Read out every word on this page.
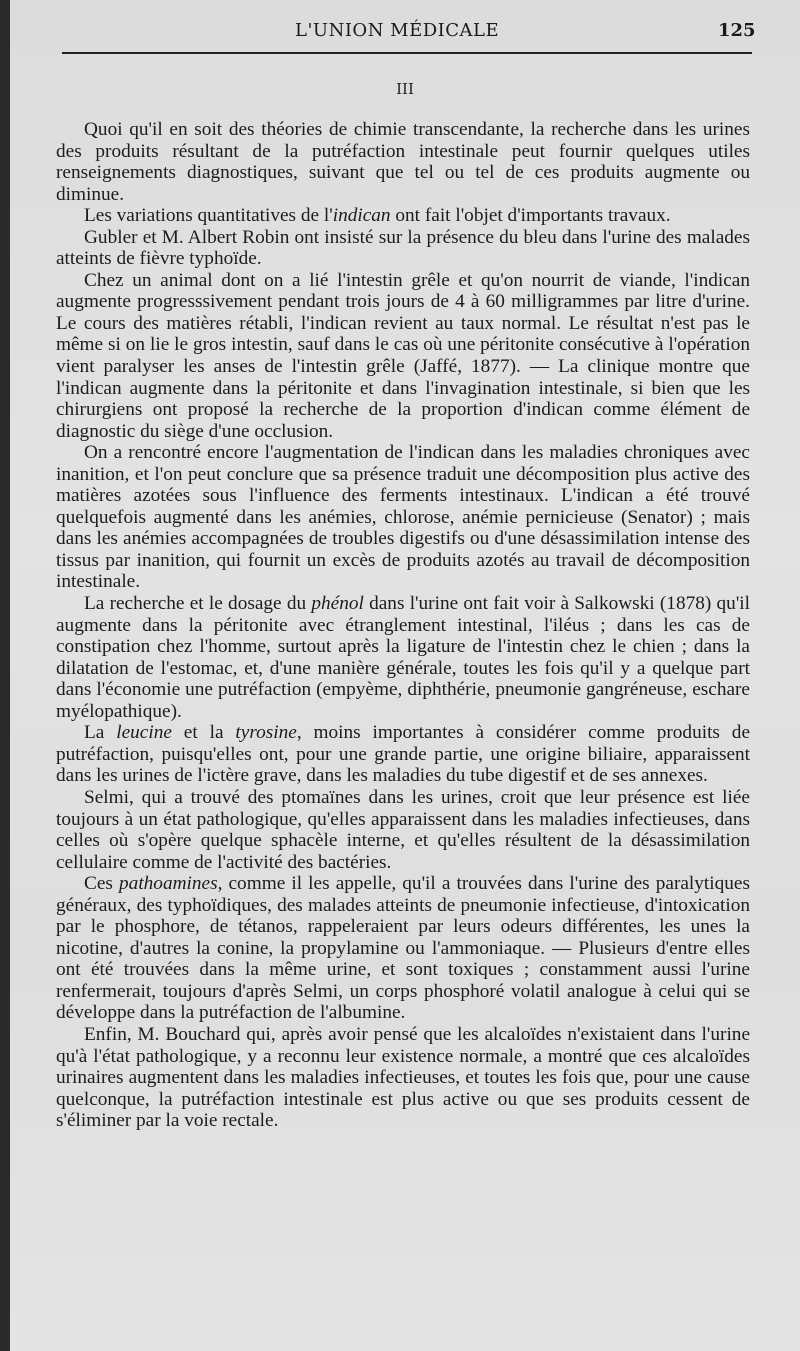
L'UNION MÉDICALE	125
III

Quoi qu'il en soit des théories de chimie transcendante, la recherche dans les urines des produits résultant de la putréfaction intestinale peut fournir quelques utiles renseignements diagnostiques, suivant que tel ou tel de ces produits augmente ou diminue.

Les variations quantitatives de l'indican ont fait l'objet d'importants travaux.

Gubler et M. Albert Robin ont insisté sur la présence du bleu dans l'urine des malades atteints de fièvre typhoïde.

Chez un animal dont on a lié l'intestin grêle et qu'on nourrit de viande, l'indican augmente progresssivement pendant trois jours de 4 à 60 milligrammes par litre d'urine. Le cours des matières rétabli, l'indican revient au taux normal. Le résultat n'est pas le même si on lie le gros intestin, sauf dans le cas où une péritonite consécutive à l'opération vient paralyser les anses de l'intestin grêle (Jaffé, 1877). — La clinique montre que l'indican augmente dans la péritonite et dans l'invagination intestinale, si bien que les chirurgiens ont proposé la recherche de la proportion d'indican comme élément de diagnostic du siège d'une occlusion.

On a rencontré encore l'augmentation de l'indican dans les maladies chroniques avec inanition, et l'on peut conclure que sa présence traduit une décomposition plus active des matières azotées sous l'influence des ferments intestinaux. L'indican a été trouvé quelquefois augmenté dans les anémies, chlorose, anémie pernicieuse (Senator) ; mais dans les anémies accompagnées de troubles digestifs ou d'une désassimilation intense des tissus par inanition, qui fournit un excès de produits azotés au travail de décomposition intestinale.

La recherche et le dosage du phénol dans l'urine ont fait voir à Salkowski (1878) qu'il augmente dans la péritonite avec étranglement intestinal, l'iléus ; dans les cas de constipation chez l'homme, surtout après la ligature de l'intestin chez le chien ; dans la dilatation de l'estomac, et, d'une manière générale, toutes les fois qu'il y a quelque part dans l'économie une putréfaction (empyème, diphthérie, pneumonie gangréneuse, eschare myélopathique).

La leucine et la tyrosine, moins importantes à considérer comme produits de putréfaction, puisqu'elles ont, pour une grande partie, une origine biliaire, apparaissent dans les urines de l'ictère grave, dans les maladies du tube digestif et de ses annexes.

Selmi, qui a trouvé des ptomaïnes dans les urines, croit que leur présence est liée toujours à un état pathologique, qu'elles apparaissent dans les maladies infectieuses, dans celles où s'opère quelque sphacèle interne, et qu'elles résultent de la désassimilation cellulaire comme de l'activité des bactéries.

Ces pathoamines, comme il les appelle, qu'il a trouvées dans l'urine des paralytiques généraux, des typhoïdiques, des malades atteints de pneumonie infectieuse, d'intoxication par le phosphore, de tétanos, rappeleraient par leurs odeurs différentes, les unes la nicotine, d'autres la conine, la propylamine ou l'ammoniaque. — Plusieurs d'entre elles ont été trouvées dans la même urine, et sont toxiques ; constamment aussi l'urine renfermerait, toujours d'après Selmi, un corps phosphoré volatil analogue à celui qui se développe dans la putréfaction de l'albumine.

Enfin, M. Bouchard qui, après avoir pensé que les alcaloïdes n'existaient dans l'urine qu'à l'état pathologique, y a reconnu leur existence normale, a montré que ces alcaloïdes urinaires augmentent dans les maladies infectieuses, et toutes les fois que, pour une cause quelconque, la putréfaction intestinale est plus active ou que ses produits cessent de s'éliminer par la voie rectale.
